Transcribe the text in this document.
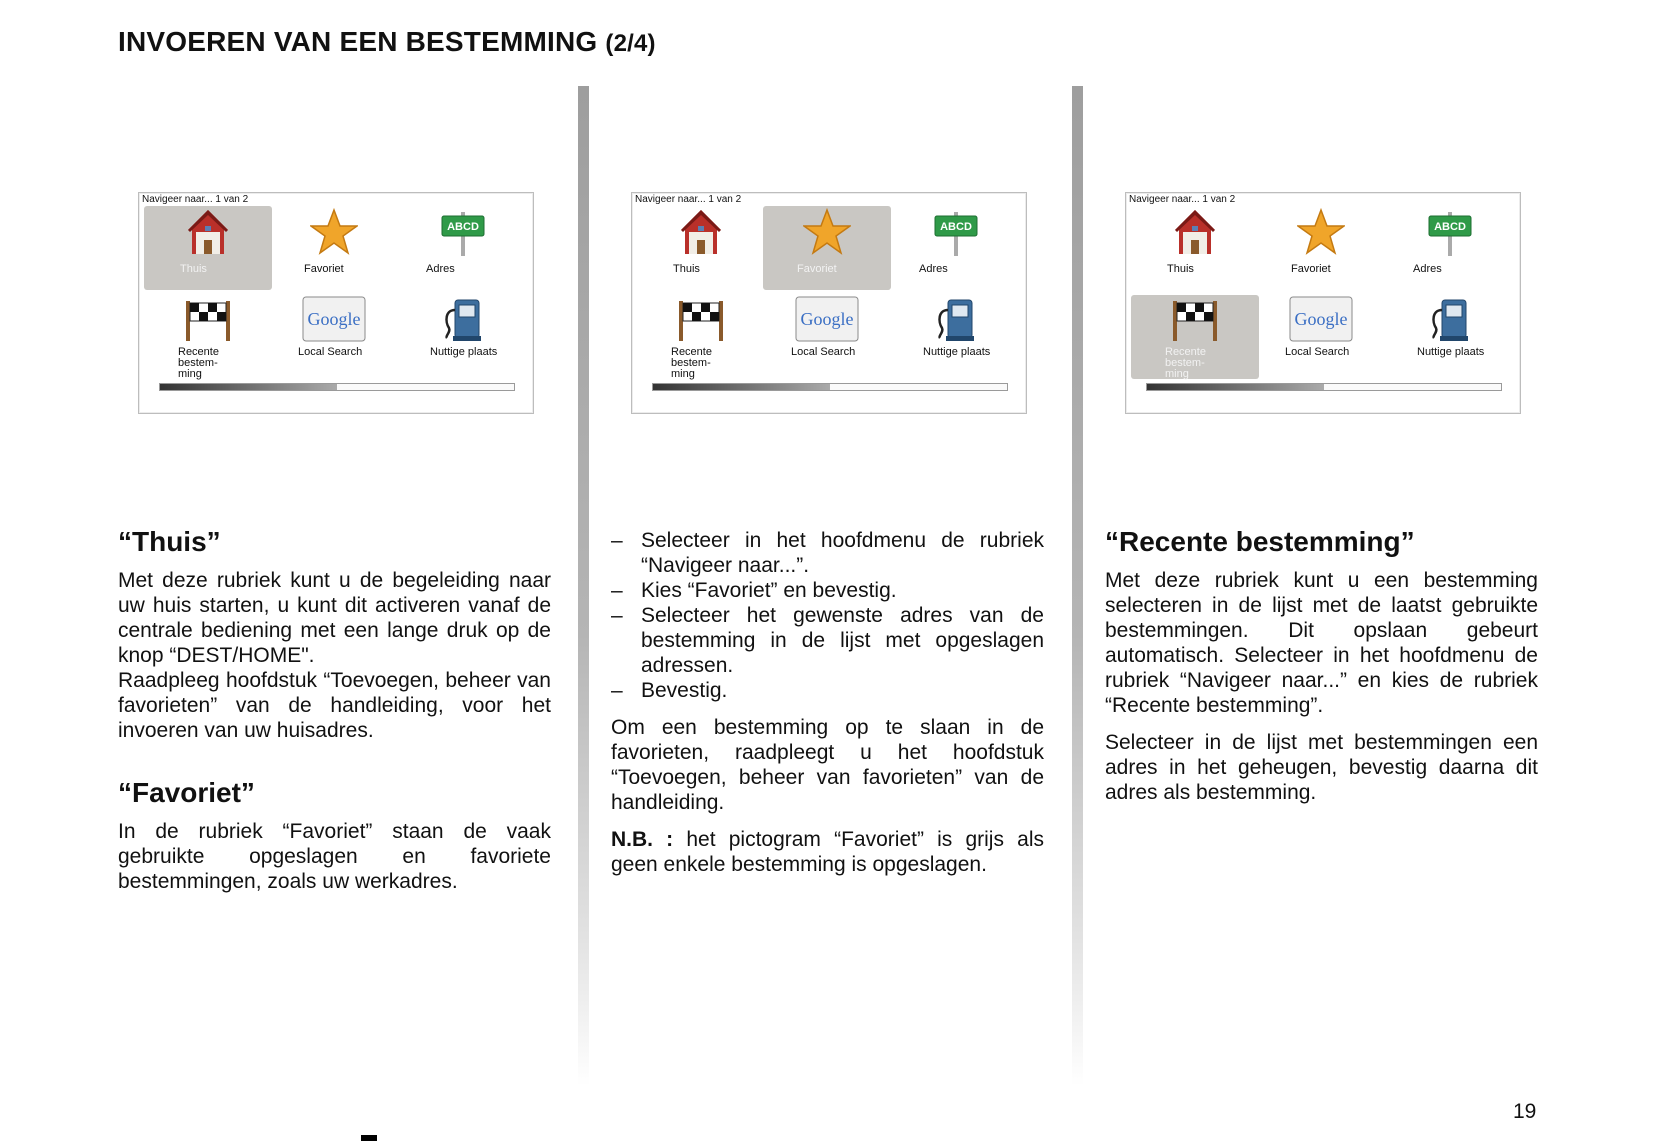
INVOEREN VAN EEN BESTEMMING (2/4)
Navigeer naar... 1 van 2
Thuis	Favoriet
ABCD
Adres
Recente bestem-ming
Google
Local Search	Nuttige plaats
Navigeer naar... 1 van 2
Thuis	Favoriet
ABCD
Adres
Recente bestem-ming
Google
Local Search	Nuttige plaats
Navigeer naar... 1 van 2
Thuis	Favoriet
ABCD
Adres
Recente bestem-ming
Google
Local Search	Nuttige plaats
“Thuis”

Met deze rubriek kunt u de begeleiding naar uw huis starten, u kunt dit activeren vanaf de centrale bediening met een lange druk op de knop “DEST/HOME".

Raadpleeg hoofdstuk “Toevoegen, beheer van favorieten” van de handleiding, voor het invoeren van uw huisadres.

“Favoriet”

In de rubriek “Favoriet” staan de vaak gebruikte opgeslagen en favoriete bestemmingen, zoals uw werkadres.

– Selecteer in het hoofdmenu de rubriek “Navigeer naar...”.
– Kies “Favoriet” en bevestig.
– Selecteer het gewenste adres van de bestemming in de lijst met opgeslagen adressen.
– Bevestig.

Om een bestemming op te slaan in de favorieten, raadpleegt u het hoofdstuk “Toevoegen, beheer van favorieten” van de handleiding.

N.B. : het pictogram “Favoriet” is grijs als geen enkele bestemming is opgeslagen.

“Recente bestemming”

Met deze rubriek kunt u een bestemming selecteren in de lijst met de laatst gebruikte bestemmingen. Dit opslaan gebeurt automatisch. Selecteer in het hoofdmenu de rubriek “Navigeer naar...” en kies de rubriek “Recente bestemming”.

Selecteer in de lijst met bestemmingen een adres in het geheugen, bevestig daarna dit adres als bestemming.

19
